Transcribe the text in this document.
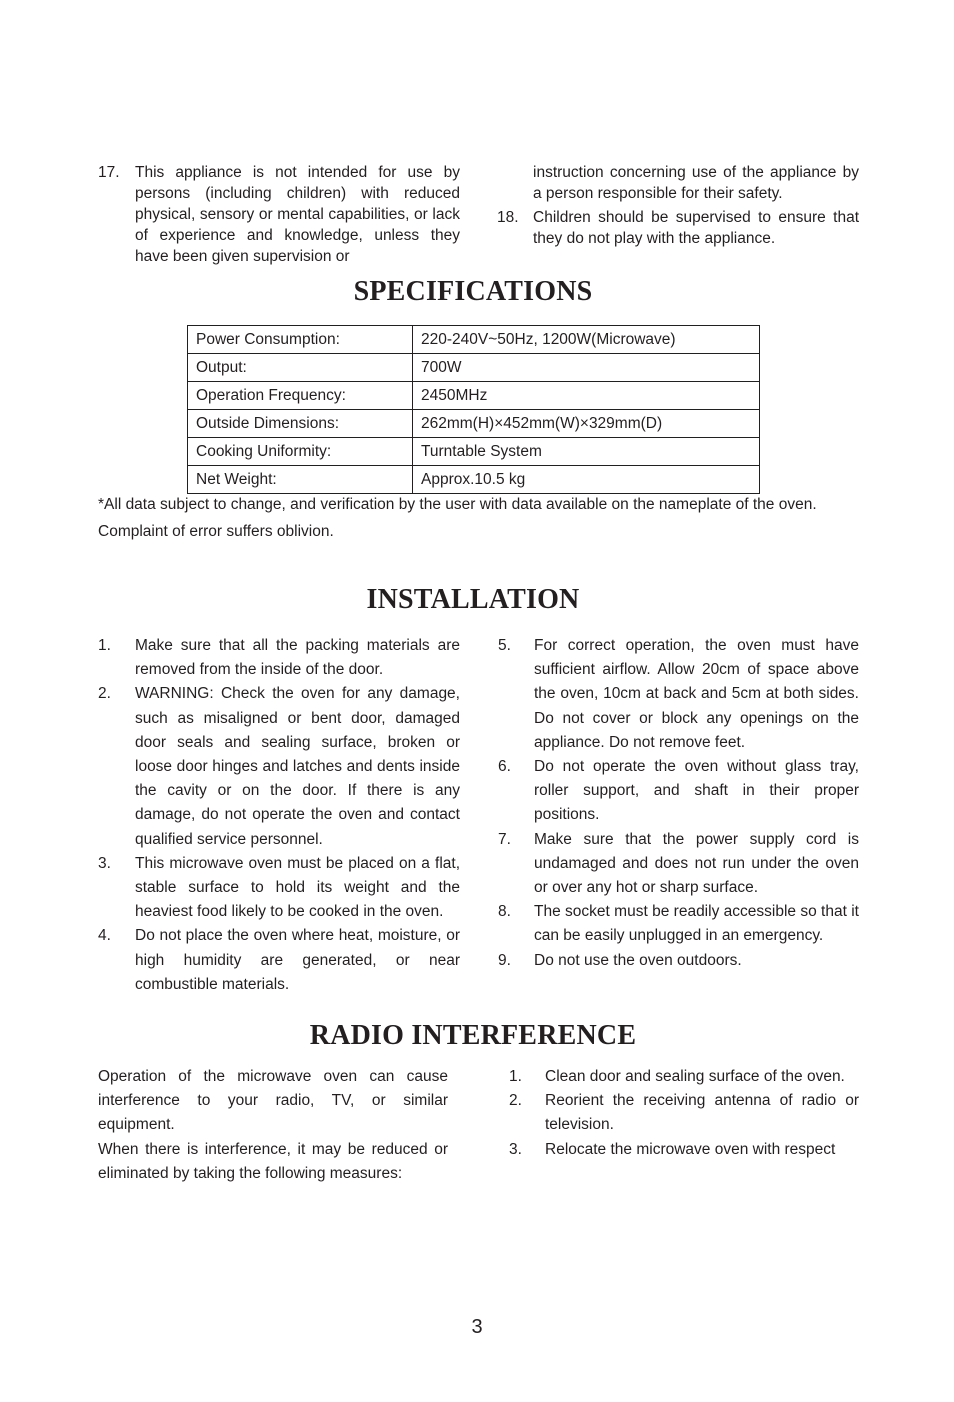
17. This appliance is not intended for use by persons (including children) with reduced physical, sensory or mental capabilities, or lack of experience and knowledge, unless they have been given supervision or
instruction concerning use of the appliance by a person responsible for their safety.
18. Children should be supervised to ensure that they do not play with the appliance.
SPECIFICATIONS
Power Consumption:	220-240V~50Hz, 1200W(Microwave)
Output:	700W
Operation Frequency:	2450MHz
Outside Dimensions:	262mm(H)×452mm(W)×329mm(D)
Cooking Uniformity:	Turntable System
Net Weight:	Approx.10.5 kg
*All data subject to change, and verification by the user with data available on the nameplate of the oven.
Complaint of error suffers oblivion.
INSTALLATION
1.	Make sure that all the packing materials are removed from the inside of the door.
2.	WARNING: Check the oven for any damage, such as misaligned or bent door, damaged door seals and sealing surface, broken or loose door hinges and latches and dents inside the cavity or on the door. If there is any damage, do not operate the oven and contact qualified service personnel.
3.	This microwave oven must be placed on a flat, stable surface to hold its weight and the heaviest food likely to be cooked in the oven.
4.	Do not place the oven where heat, moisture, or high humidity are generated, or near combustible materials.
5.	For correct operation, the oven must have sufficient airflow. Allow 20cm of space above the oven, 10cm at back and 5cm at both sides. Do not cover or block any openings on the appliance. Do not remove feet.
6.	Do not operate the oven without glass tray, roller support, and shaft in their proper positions.
7.	Make sure that the power supply cord is undamaged and does not run under the oven or over any hot or sharp surface.
8.	The socket must be readily accessible so that it can be easily unplugged in an emergency.
9.	Do not use the oven outdoors.
RADIO INTERFERENCE
Operation of the microwave oven can cause interference to your radio, TV, or similar equipment.
When there is interference, it may be reduced or eliminated by taking the following measures:
1.	Clean door and sealing surface of the oven.
2.	Reorient the receiving antenna of radio or television.
3.	Relocate the microwave oven with respect
3
